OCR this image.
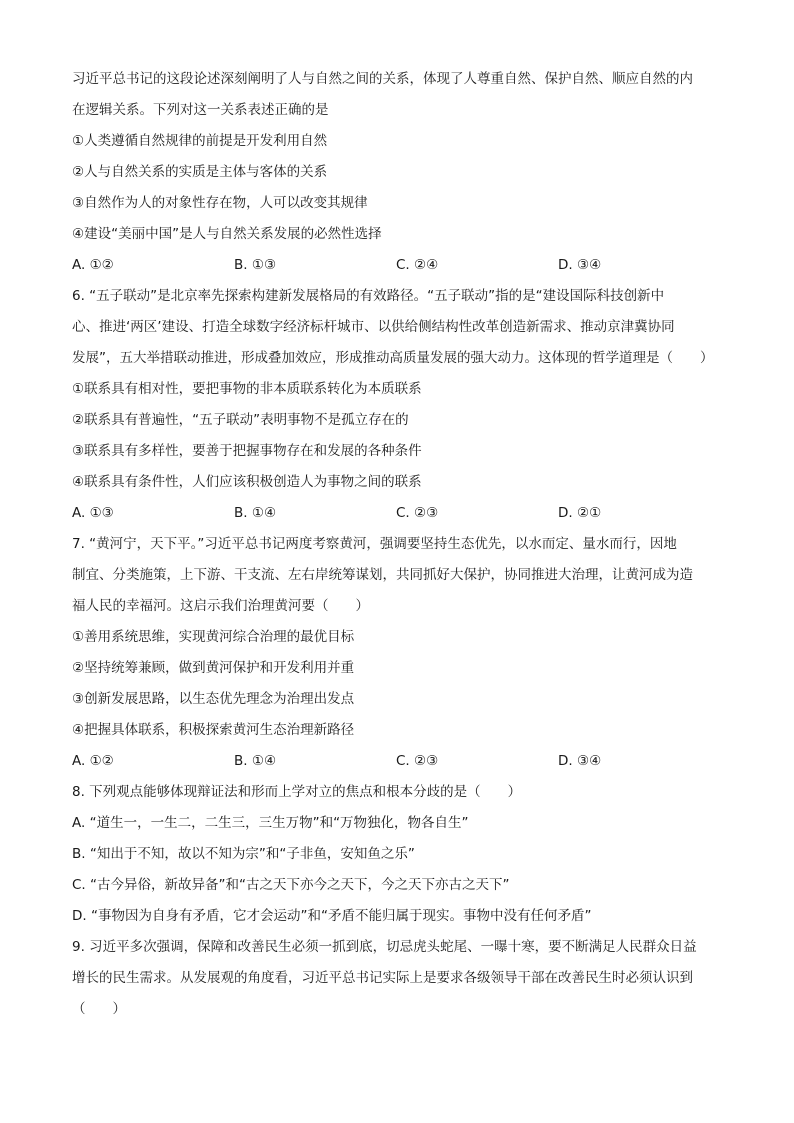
习近平总书记的这段论述深刻阐明了人与自然之间的关系，体现了人尊重自然、保护自然、顺应自然的内
在逻辑关系。下列对这一关系表述正确的是
①人类遵循自然规律的前提是开发利用自然
②人与自然关系的实质是主体与客体的关系
③自然作为人的对象性存在物，人可以改变其规律
④建设“美丽中国”是人与自然关系发展的必然性选择
A. ①②	B. ①③	C. ②④	D. ③④
6. “五子联动”是北京率先探索构建新发展格局的有效路径。“五子联动”指的是“建设国际科技创新中
心、推进‘两区’建设、打造全球数字经济标杆城市、以供给侧结构性改革创造新需求、推动京津冀协同
发展”，五大举措联动推进，形成叠加效应，形成推动高质量发展的强大动力。这体现的哲学道理是（　　）
①联系具有相对性，要把事物的非本质联系转化为本质联系
②联系具有普遍性，“五子联动”表明事物不是孤立存在的
③联系具有多样性，要善于把握事物存在和发展的各种条件
④联系具有条件性，人们应该积极创造人为事物之间的联系
A. ①③	B. ①④	C. ②③	D. ②①
7. “黄河宁，天下平。”习近平总书记两度考察黄河，强调要坚持生态优先，以水而定、量水而行，因地
制宜、分类施策，上下游、干支流、左右岸统筹谋划，共同抓好大保护，协同推进大治理，让黄河成为造
福人民的幸福河。这启示我们治理黄河要（　　）
①善用系统思维，实现黄河综合治理的最优目标
②坚持统筹兼顾，做到黄河保护和开发利用并重
③创新发展思路，以生态优先理念为治理出发点
④把握具体联系，积极探索黄河生态治理新路径
A. ①②	B. ①④	C. ②③	D. ③④
8. 下列观点能够体现辩证法和形而上学对立的焦点和根本分歧的是（　　）
A. “道生一，一生二，二生三，三生万物”和“万物独化，物各自生”
B. “知出于不知，故以不知为宗”和“子非鱼，安知鱼之乐”
C. “古今异俗，新故异备”和“古之天下亦今之天下，今之天下亦古之天下”
D. “事物因为自身有矛盾，它才会运动”和“矛盾不能归属于现实。事物中没有任何矛盾”
9. 习近平多次强调，保障和改善民生必须一抓到底，切忌虎头蛇尾、一曝十寒，要不断满足人民群众日益
增长的民生需求。从发展观的角度看，习近平总书记实际上是要求各级领导干部在改善民生时必须认识到
（　　）
